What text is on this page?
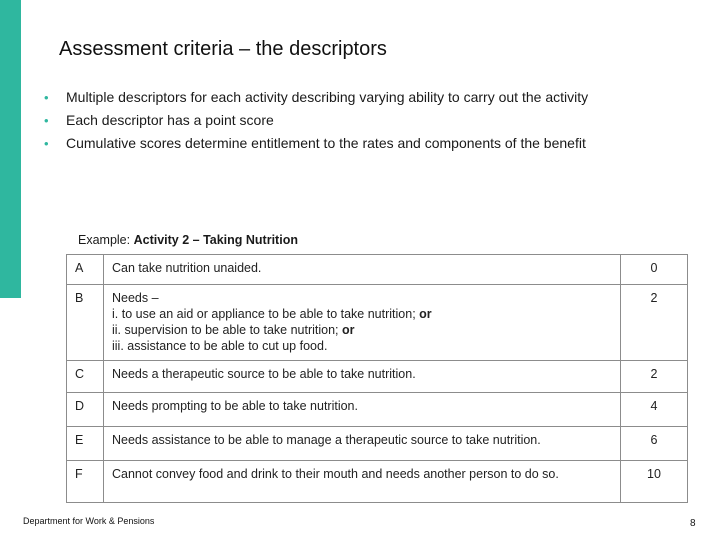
Assessment criteria – the descriptors
• Multiple descriptors for each activity describing varying ability to carry out the activity
• Each descriptor has a point score
• Cumulative scores determine entitlement to the rates and components of the benefit
Example: Activity 2 – Taking Nutrition
A	Can take nutrition unaided.	0
B	Needs –
i. to use an aid or appliance to be able to take nutrition; or
ii. supervision to be able to take nutrition; or
iii. assistance to be able to cut up food.	2
C	Needs a therapeutic source to be able to take nutrition.	2
D	Needs prompting to be able to take nutrition.	4
E	Needs assistance to be able to manage a therapeutic source to take nutrition.	6
F	Cannot convey food and drink to their mouth and needs another person to do so.	10
Department for Work & Pensions	8
